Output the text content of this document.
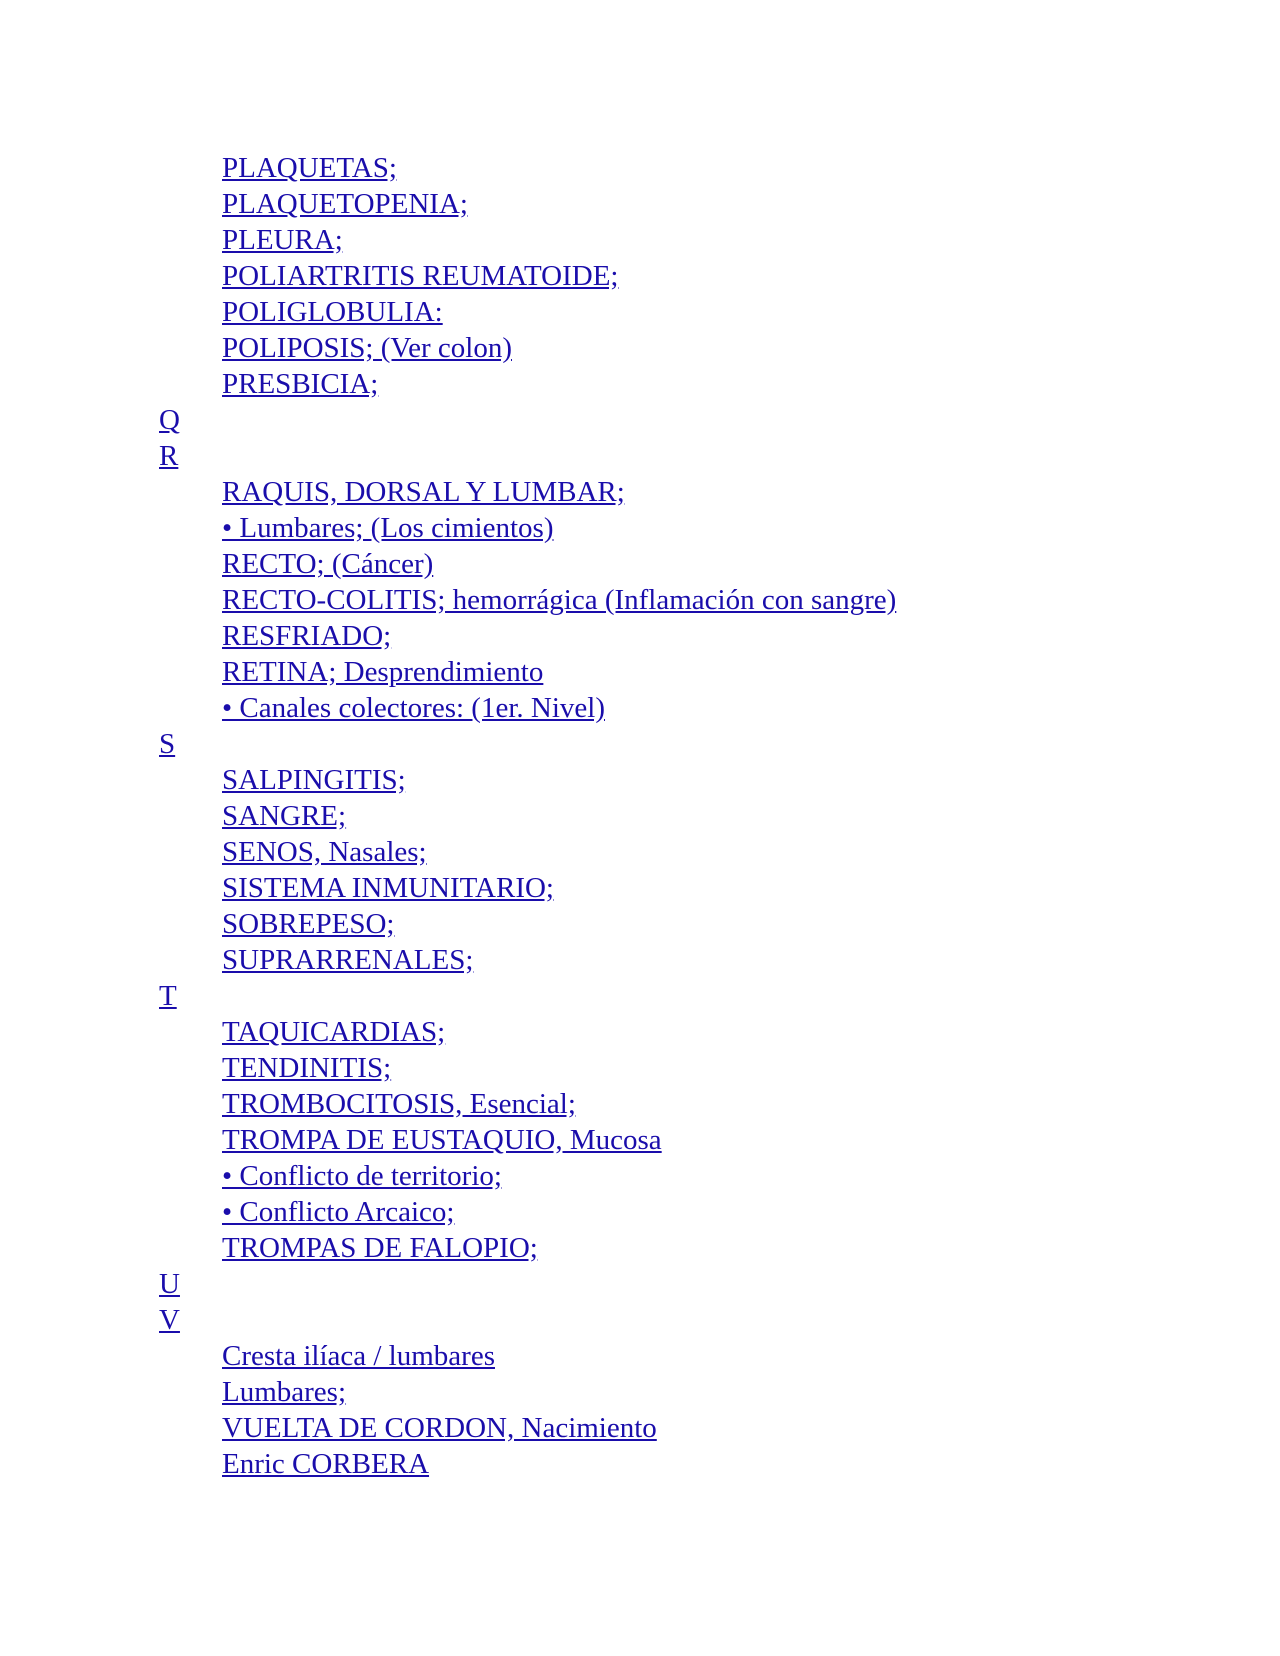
PLAQUETAS;
PLAQUETOPENIA;
PLEURA;
POLIARTRITIS REUMATOIDE;
POLIGLOBULIA:
POLIPOSIS; (Ver colon)
PRESBICIA;
Q
R
RAQUIS, DORSAL Y LUMBAR;
• Lumbares; (Los cimientos)
RECTO; (Cáncer)
RECTO-COLITIS; hemorrágica (Inflamación con sangre)
RESFRIADO;
RETINA; Desprendimiento
• Canales colectores: (1er. Nivel)
S
SALPINGITIS;
SANGRE;
SENOS, Nasales;
SISTEMA INMUNITARIO;
SOBREPESO;
SUPRARRENALES;
T
TAQUICARDIAS;
TENDINITIS;
TROMBOCITOSIS, Esencial;
TROMPA DE EUSTAQUIO, Mucosa
• Conflicto de territorio;
• Conflicto Arcaico;
TROMPAS DE FALOPIO;
U
V
Cresta ilíaca / lumbares
Lumbares;
VUELTA DE CORDON, Nacimiento
Enric CORBERA
